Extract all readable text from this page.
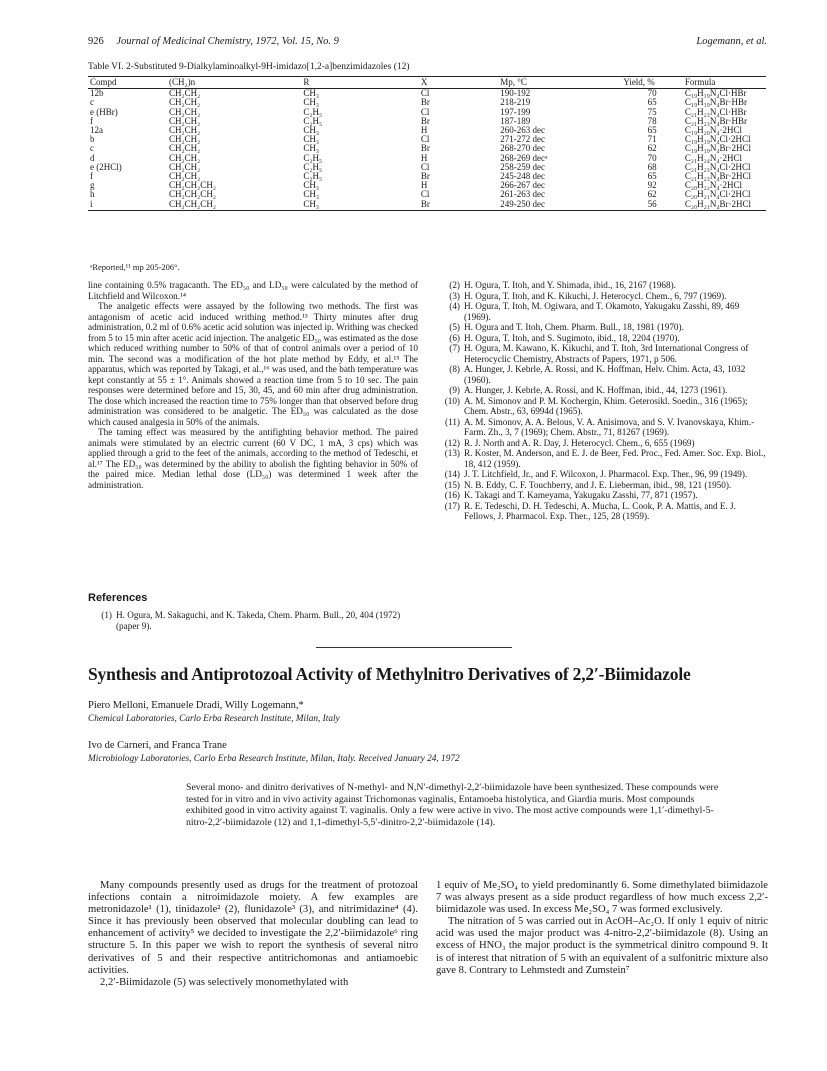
926 Journal of Medicinal Chemistry, 1972, Vol. 15, No. 9	Logemann, et al.
Table VI. 2-Substituted 9-Dialkylaminoalkyl-9H-imidazo[1,2-a]benzimidazoles (12)
Compd	(CH₂)n	R	X	Mp, °C	Yield, %	Formula
12b	CH₂CH₂	CH₃	Cl	190-192	70	C₁₉H₁₉N₄Cl·HBr
c	CH₂CH₂	CH₃	Br	218-219	65	C₁₉H₁₉N₄Br·HBr
e (HBr)	CH₂CH₂	C₂H₅	Cl	197-199	75	C₂₁H₂₃N₄Cl·HBr
f	CH₂CH₂	C₂H₅	Br	187-189	78	C₂₁H₂₃N₄Br·HBr
12a	CH₂CH₂	CH₃	H	260-263 dec	65	C₁₉H₂₀N₄·2HCl
b	CH₂CH₂	CH₃	Cl	271-272 dec	71	C₁₉H₁₉N₄Cl·2HCl
c	CH₂CH₂	CH₃	Br	268-270 dec	62	C₁₉H₁₉N₄Br·2HCl
d	CH₂CH₂	C₂H₅	H	268-269 decᵃ	70	C₂₁H₂₄N₄·2HCl
e (2HCl)	CH₂CH₂	C₂H₅	Cl	258-259 dec	68	C₂₁H₂₃N₄Cl·2HCl
f	CH₂CH₂	C₂H₅	Br	245-248 dec	65	C₂₁H₂₃N₄Br·2HCl
g	CH₂CH₂CH₂	CH₃	H	266-267 dec	92	C₂₀H₂₂N₄·2HCl
h	CH₂CH₂CH₂	CH₃	Cl	261-263 dec	62	C₂₀H₂₁N₄Cl·2HCl
i	CH₂CH₂CH₂	CH₃	Br	249-250 dec	56	C₂₀H₂₁N₄Br·2HCl
ᵃReported,¹¹ mp 205-206°.

line containing 0.5% tragacanth. The ED₅₀ and LD₅₀ were calculated by the method of Litchfield and Wilcoxon.¹⁴

The analgetic effects were assayed by the following two methods. The first was antagonism of acetic acid induced writhing method.¹³ Thirty minutes after drug administration, 0.2 ml of 0.6% acetic acid solution was injected ip. Writhing was checked from 5 to 15 min after acetic acid injection. The analgetic ED₅₀ was estimated as the dose which reduced writhing number to 50% of that of control animals over a period of 10 min. The second was a modification of the hot plate method by Eddy, et al.¹⁵ The apparatus, which was reported by Takagi, et al.,¹⁶ was used, and the bath temperature was kept constantly at 55 ± 1°. Animals showed a reaction time from 5 to 10 sec. The pain responses were determined before and 15, 30, 45, and 60 min after drug administration. The dose which increased the reaction time to 75% longer than that observed before drug administration was considered to be analgetic. The ED₅₀ was calculated as the dose which caused analgesia in 50% of the animals.

The taming effect was measured by the antifighting behavior method. The paired animals were stimulated by an electric current (60 V DC, 1 mA, 3 cps) which was applied through a grid to the feet of the animals, according to the method of Tedeschi, et al.¹⁷ The ED₅₀ was determined by the ability to abolish the fighting behavior in 50% of the paired mice. Median lethal dose (LD₅₀) was determined 1 week after the administration.

References
(1) H. Ogura, M. Sakaguchi, and K. Takeda, Chem. Pharm. Bull., 20, 404 (1972) (paper 9).
(2) H. Ogura, T. Itoh, and Y. Shimada, ibid., 16, 2167 (1968).
(3) H. Ogura, T. Itoh, and K. Kikuchi, J. Heterocycl. Chem., 6, 797 (1969).
(4) H. Ogura, T. Itoh, M. Ogiwara, and T. Okamoto, Yakugaku Zasshi, 89, 469 (1969).
(5) H. Ogura and T. Itoh, Chem. Pharm. Bull., 18, 1981 (1970).
(6) H. Ogura, T. Itoh, and S. Sugimoto, ibid., 18, 2204 (1970).
(7) H. Ogura, M. Kawano, K. Kikuchi, and T. Itoh, 3rd International Congress of Heterocyclic Chemistry, Abstracts of Papers, 1971, p 506.
(8) A. Hunger, J. Kebrle, A. Rossi, and K. Hoffman, Helv. Chim. Acta, 43, 1032 (1960).
(9) A. Hunger, J. Kebrle, A. Rossi, and K. Hoffman, ibid., 44, 1273 (1961).
(10) A. M. Simonov and P. M. Kochergin, Khim. Geterosikl. Soedin., 316 (1965); Chem. Abstr., 63, 6994d (1965).
(11) A. M. Simonov, A. A. Belous, V. A. Anisimova, and S. V. Ivanovskaya, Khim.-Farm. Zh., 3, 7 (1969); Chem. Abstr., 71, 81267 (1969).
(12) R. J. North and A. R. Day, J. Heterocycl. Chem., 6, 655 (1969)
(13) R. Koster, M. Anderson, and E. J. de Beer, Fed. Proc., Fed. Amer. Soc. Exp. Biol., 18, 412 (1959).
(14) J. T. Litchfield, Jr., and F. Wilcoxon, J. Pharmacol. Exp. Ther., 96, 99 (1949).
(15) N. B. Eddy, C. F. Touchberry, and J. E. Lieberman, ibid., 98, 121 (1950).
(16) K. Takagi and T. Kameyama, Yakugaku Zasshi, 77, 871 (1957).
(17) R. E. Tedeschi, D. H. Tedeschi, A. Mucha, L. Cook, P. A. Mattis, and E. J. Fellows, J. Pharmacol. Exp. Ther., 125, 28 (1959).
Synthesis and Antiprotozoal Activity of Methylnitro Derivatives of 2,2′-Biimidazole
Piero Melloni, Emanuele Dradi, Willy Logemann,*
Chemical Laboratories, Carlo Erba Research Institute, Milan, Italy
Ivo de Carneri, and Franca Trane
Microbiology Laboratories, Carlo Erba Research Institute, Milan, Italy. Received January 24, 1972
Several mono- and dinitro derivatives of N-methyl- and N,N′-dimethyl-2,2′-biimidazole have been synthesized. These compounds were tested for in vitro and in vivo activity against Trichomonas vaginalis, Entamoeba histolytica, and Giardia muris. Most compounds exhibited good in vitro activity against T. vaginalis. Only a few were active in vivo. The most active compounds were 1,1′-dimethyl-5-nitro-2,2′-biimidazole (12) and 1,1-dimethyl-5,5′-dinitro-2,2′-biimidazole (14).

Many compounds presently used as drugs for the treatment of protozoal infections contain a nitroimidazole moiety. A few examples are metronidazole¹ (1), tinidazole² (2), flunidazole³ (3), and nitrimidazine⁴ (4). Since it has previously been observed that molecular doubling can lead to enhancement of activity⁵ we decided to investigate the 2,2′-biimidazole⁶ ring structure 5. In this paper we wish to report the synthesis of several nitro derivatives of 5 and their respective antitrichomonas and antiamoebic activities.

2,2′-Biimidazole (5) was selectively monomethylated with

1 equiv of Me₂SO₄ to yield predominantly 6. Some dimethylated biimidazole 7 was always present as a side product regardless of how much excess 2,2′-biimidazole was used. In excess Me₂SO₄ 7 was formed exclusively.

The nitration of 5 was carried out in AcOH–Ac₂O. If only 1 equiv of nitric acid was used the major product was 4-nitro-2,2′-biimidazole (8). Using an excess of HNO₃ the major product is the symmetrical dinitro compound 9. It is of interest that nitration of 5 with an equivalent of a sulfonitric mixture also gave 8. Contrary to Lehmstedt and Zumstein⁷
